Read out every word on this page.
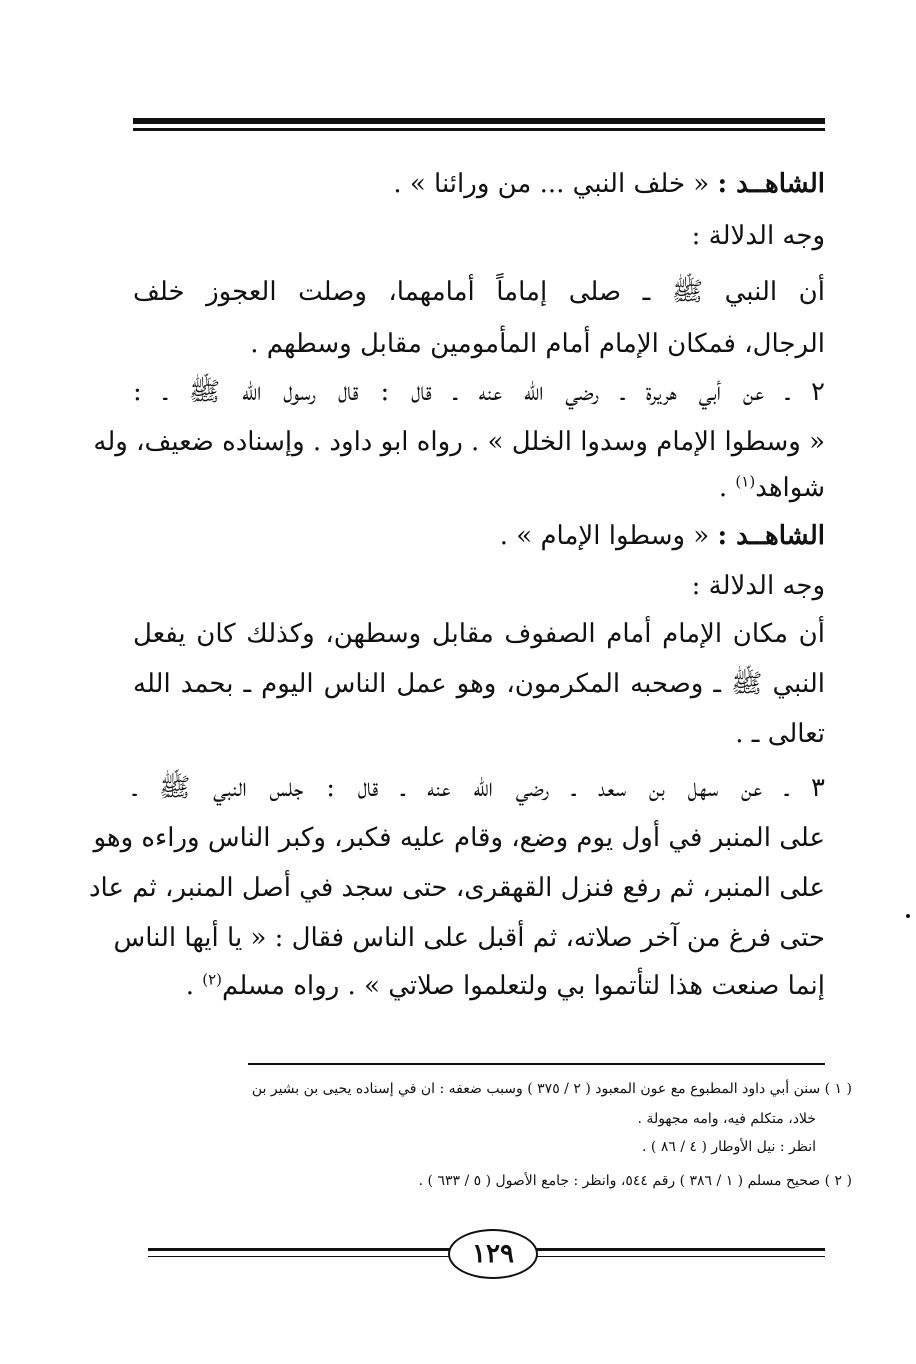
الشاهــد : « خلف النبي ... من ورائنا » .
وجه الدلالة :
أن النبي ﷺ ـ صلى إماماً أمامهما، وصلت العجوز خلف
الرجال، فمكان الإمام أمام المأمومين مقابل وسطهم .
٢ ـ عن أبي هريرة ـ رضي الله عنه ـ قال : قال رسول الله ﷺ ـ :
« وسطوا الإمام وسدوا الخلل » . رواه ابو داود . وإسناده ضعيف، وله
شواهد$^{(١)}$ .
الشاهــد : « وسطوا الإمام » .
وجه الدلالة :
أن مكان الإمام أمام الصفوف مقابل وسطهن، وكذلك كان يفعل
النبي ﷺ ـ وصحبه المكرمون، وهو عمل الناس اليوم ـ بحمد الله
تعالى ـ .
٣ ـ عن سهل بن سعد ـ رضي الله عنه ـ قال : جلس النبي ﷺ ـ
على المنبر في أول يوم وضع، وقام عليه فكبر، وكبر الناس وراءه وهو
على المنبر، ثم رفع فنزل القهقرى، حتى سجد في أصل المنبر، ثم عاد
حتى فرغ من آخر صلاته، ثم أقبل على الناس فقال : « يا أيها الناس
إنما صنعت هذا لتأتموا بي ولتعلموا صلاتي » . رواه مسلم$^{(٢)}$ .
( ١ ) سنن أبي داود المطبوع مع عون المعبود ( ٢ / ٣٧٥ ) وسبب ضعفه : ان في إسناده يحيى بن بشير بن
خلاد، متكلم فيه، وامه مجهولة .
انظر : نيل الأوطار ( ٤ / ٨٦ ) .
( ٢ ) صحيح مسلم ( ١ / ٣٨٦ ) رقم ٥٤٤، وانظر : جامع الأصول ( ٥ / ٦٣٣ ) .
١٢٩
